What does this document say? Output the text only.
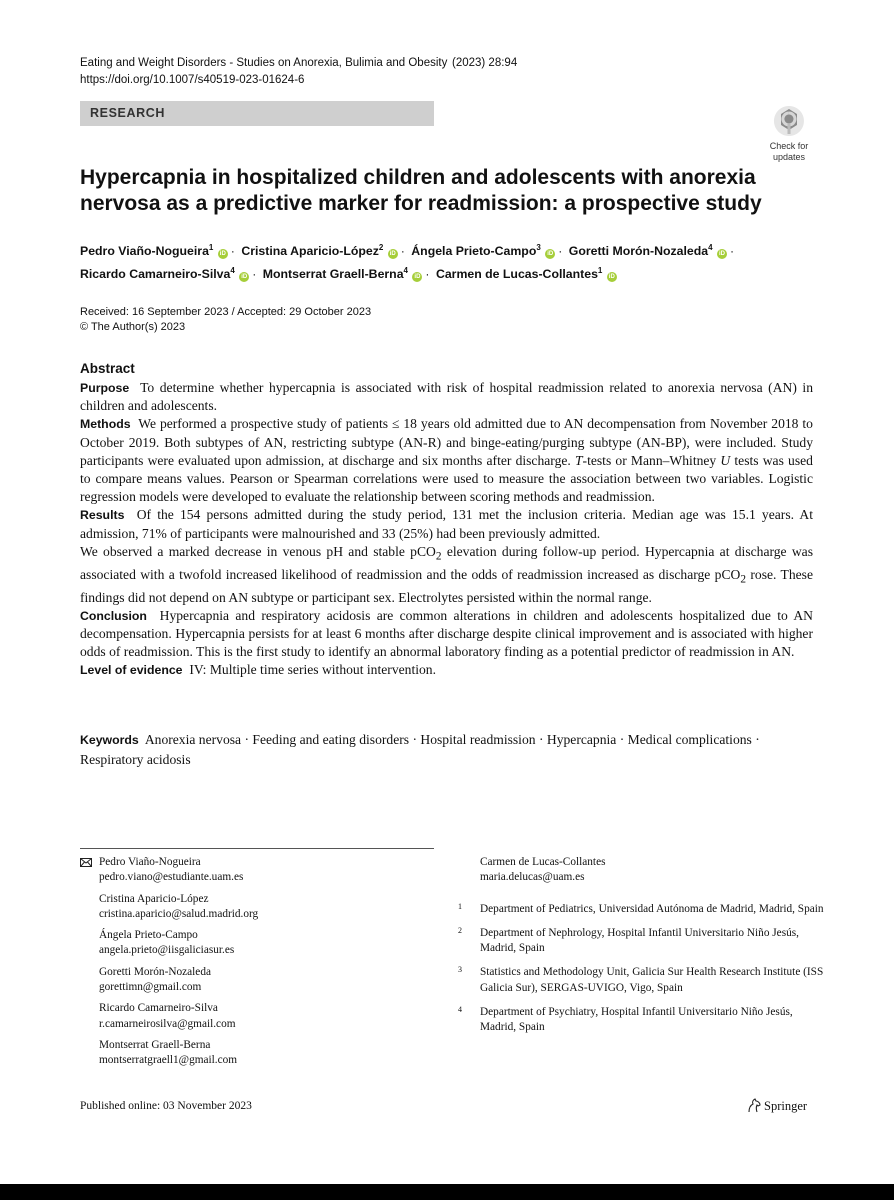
Eating and Weight Disorders - Studies on Anorexia, Bulimia and Obesity (2023) 28:94
https://doi.org/10.1007/s40519-023-01624-6
RESEARCH
Check for
updates
Hypercapnia in hospitalized children and adolescents with anorexia
nervosa as a predictive marker for readmission: a prospective study
Pedro Viaño-Nogueira$^1$ iD · Cristina Aparicio-López$^2$ iD · Ángela Prieto-Campo$^3$ iD · Goretti Morón-Nozaleda$^4$ iD ·
Ricardo Camarneiro-Silva$^4$ iD · Montserrat Graell-Berna$^4$ iD · Carmen de Lucas-Collantes$^1$ iD
Received: 16 September 2023 / Accepted: 29 October 2023
© The Author(s) 2023
Abstract

Purpose To determine whether hypercapnia is associated with risk of hospital readmission related to anorexia nervosa (AN) in children and adolescents.

Methods We performed a prospective study of patients ≤ 18 years old admitted due to AN decompensation from November 2018 to October 2019. Both subtypes of AN, restricting subtype (AN-R) and binge-eating/purging subtype (AN-BP), were included. Study participants were evaluated upon admission, at discharge and six months after discharge. T-tests or Mann–Whitney U tests was used to compare means values. Pearson or Spearman correlations were used to measure the association between two variables. Logistic regression models were developed to evaluate the relationship between scoring methods and readmission.

Results Of the 154 persons admitted during the study period, 131 met the inclusion criteria. Median age was 15.1 years. At admission, 71% of participants were malnourished and 33 (25%) had been previously admitted.

We observed a marked decrease in venous pH and stable pCO$_2$ elevation during follow-up period. Hypercapnia at discharge was associated with a twofold increased likelihood of readmission and the odds of readmission increased as discharge pCO$_2$ rose. These findings did not depend on AN subtype or participant sex. Electrolytes persisted within the normal range.

Conclusion Hypercapnia and respiratory acidosis are common alterations in children and adolescents hospitalized due to AN decompensation. Hypercapnia persists for at least 6 months after discharge despite clinical improvement and is associated with higher odds of readmission. This is the first study to identify an abnormal laboratory finding as a potential predictor of readmission in AN.

Level of evidence IV: Multiple time series without intervention.

Keywords Anorexia nervosa · Feeding and eating disorders · Hospital readmission · Hypercapnia · Medical complications · Respiratory acidosis
Pedro Viaño-Nogueira
pedro.viano@estudiante.uam.es
Cristina Aparicio-López
cristina.aparicio@salud.madrid.org
Ángela Prieto-Campo
angela.prieto@iisgaliciasur.es
Goretti Morón-Nozaleda
gorettimn@gmail.com
Ricardo Camarneiro-Silva
r.camarneirosilva@gmail.com
Montserrat Graell-Berna
montserratgraell1@gmail.com
Carmen de Lucas-Collantes
maria.delucas@uam.es
1 Department of Pediatrics, Universidad Autónoma de Madrid, Madrid, Spain
2 Department of Nephrology, Hospital Infantil Universitario Niño Jesús, Madrid, Spain
3 Statistics and Methodology Unit, Galicia Sur Health Research Institute (ISS Galicia Sur), SERGAS-UVIGO, Vigo, Spain
4 Department of Psychiatry, Hospital Infantil Universitario Niño Jesús, Madrid, Spain
Published online: 03 November 2023	Springer
